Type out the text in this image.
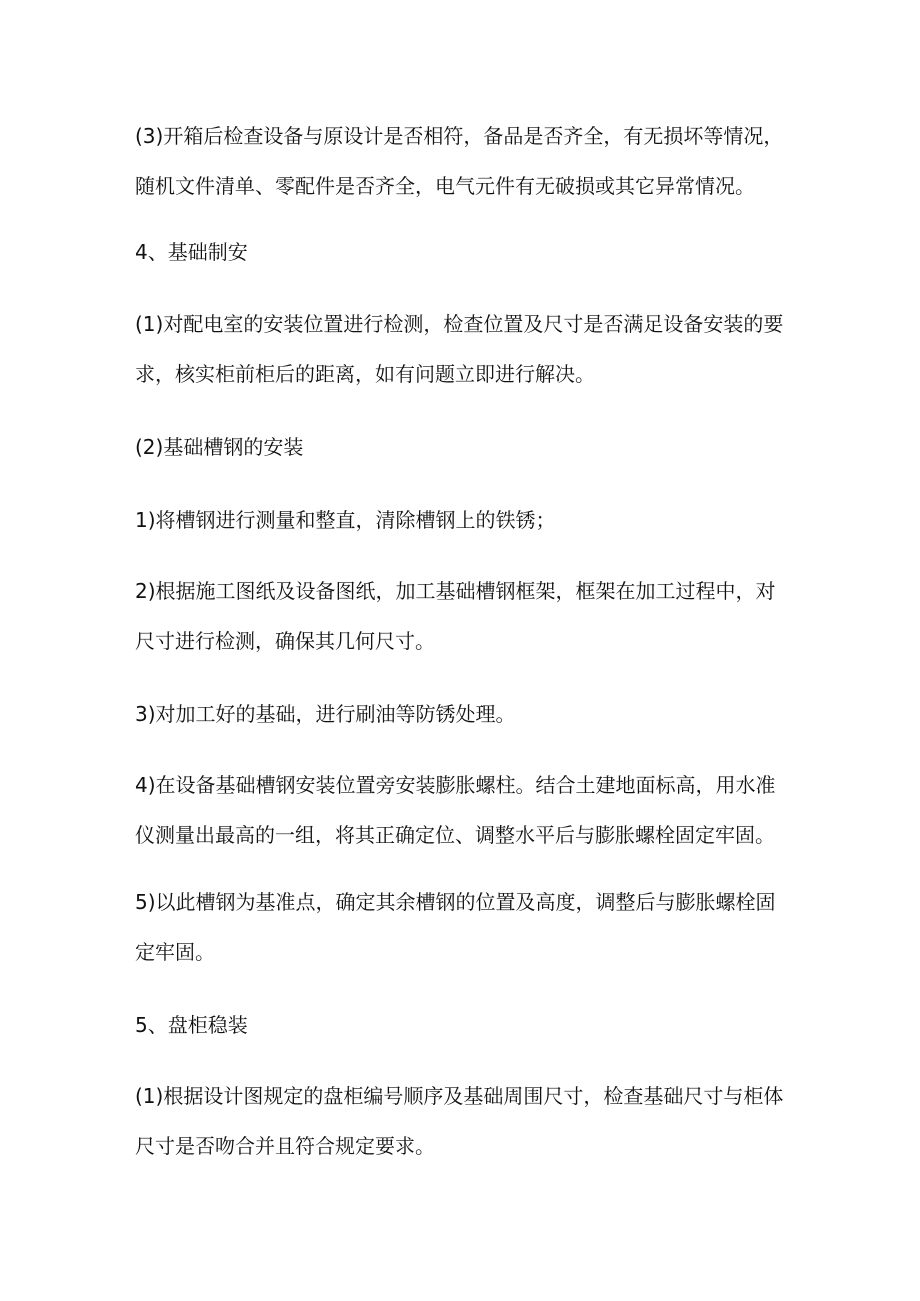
(3)开箱后检查设备与原设计是否相符，备品是否齐全，有无损坏等情况，随机文件清单、零配件是否齐全，电气元件有无破损或其它异常情况。

4、基础制安

(1)对配电室的安装位置进行检测，检查位置及尺寸是否满足设备安装的要求，核实柜前柜后的距离，如有问题立即进行解决。

(2)基础槽钢的安装

1)将槽钢进行测量和整直，清除槽钢上的铁锈；

2)根据施工图纸及设备图纸，加工基础槽钢框架，框架在加工过程中，对尺寸进行检测，确保其几何尺寸。

3)对加工好的基础，进行刷油等防锈处理。

4)在设备基础槽钢安装位置旁安装膨胀螺柱。结合土建地面标高，用水准仪测量出最高的一组，将其正确定位、调整水平后与膨胀螺栓固定牢固。

5)以此槽钢为基准点，确定其余槽钢的位置及高度，调整后与膨胀螺栓固定牢固。

5、盘柜稳装

(1)根据设计图规定的盘柜编号顺序及基础周围尺寸，检查基础尺寸与柜体尺寸是否吻合并且符合规定要求。
